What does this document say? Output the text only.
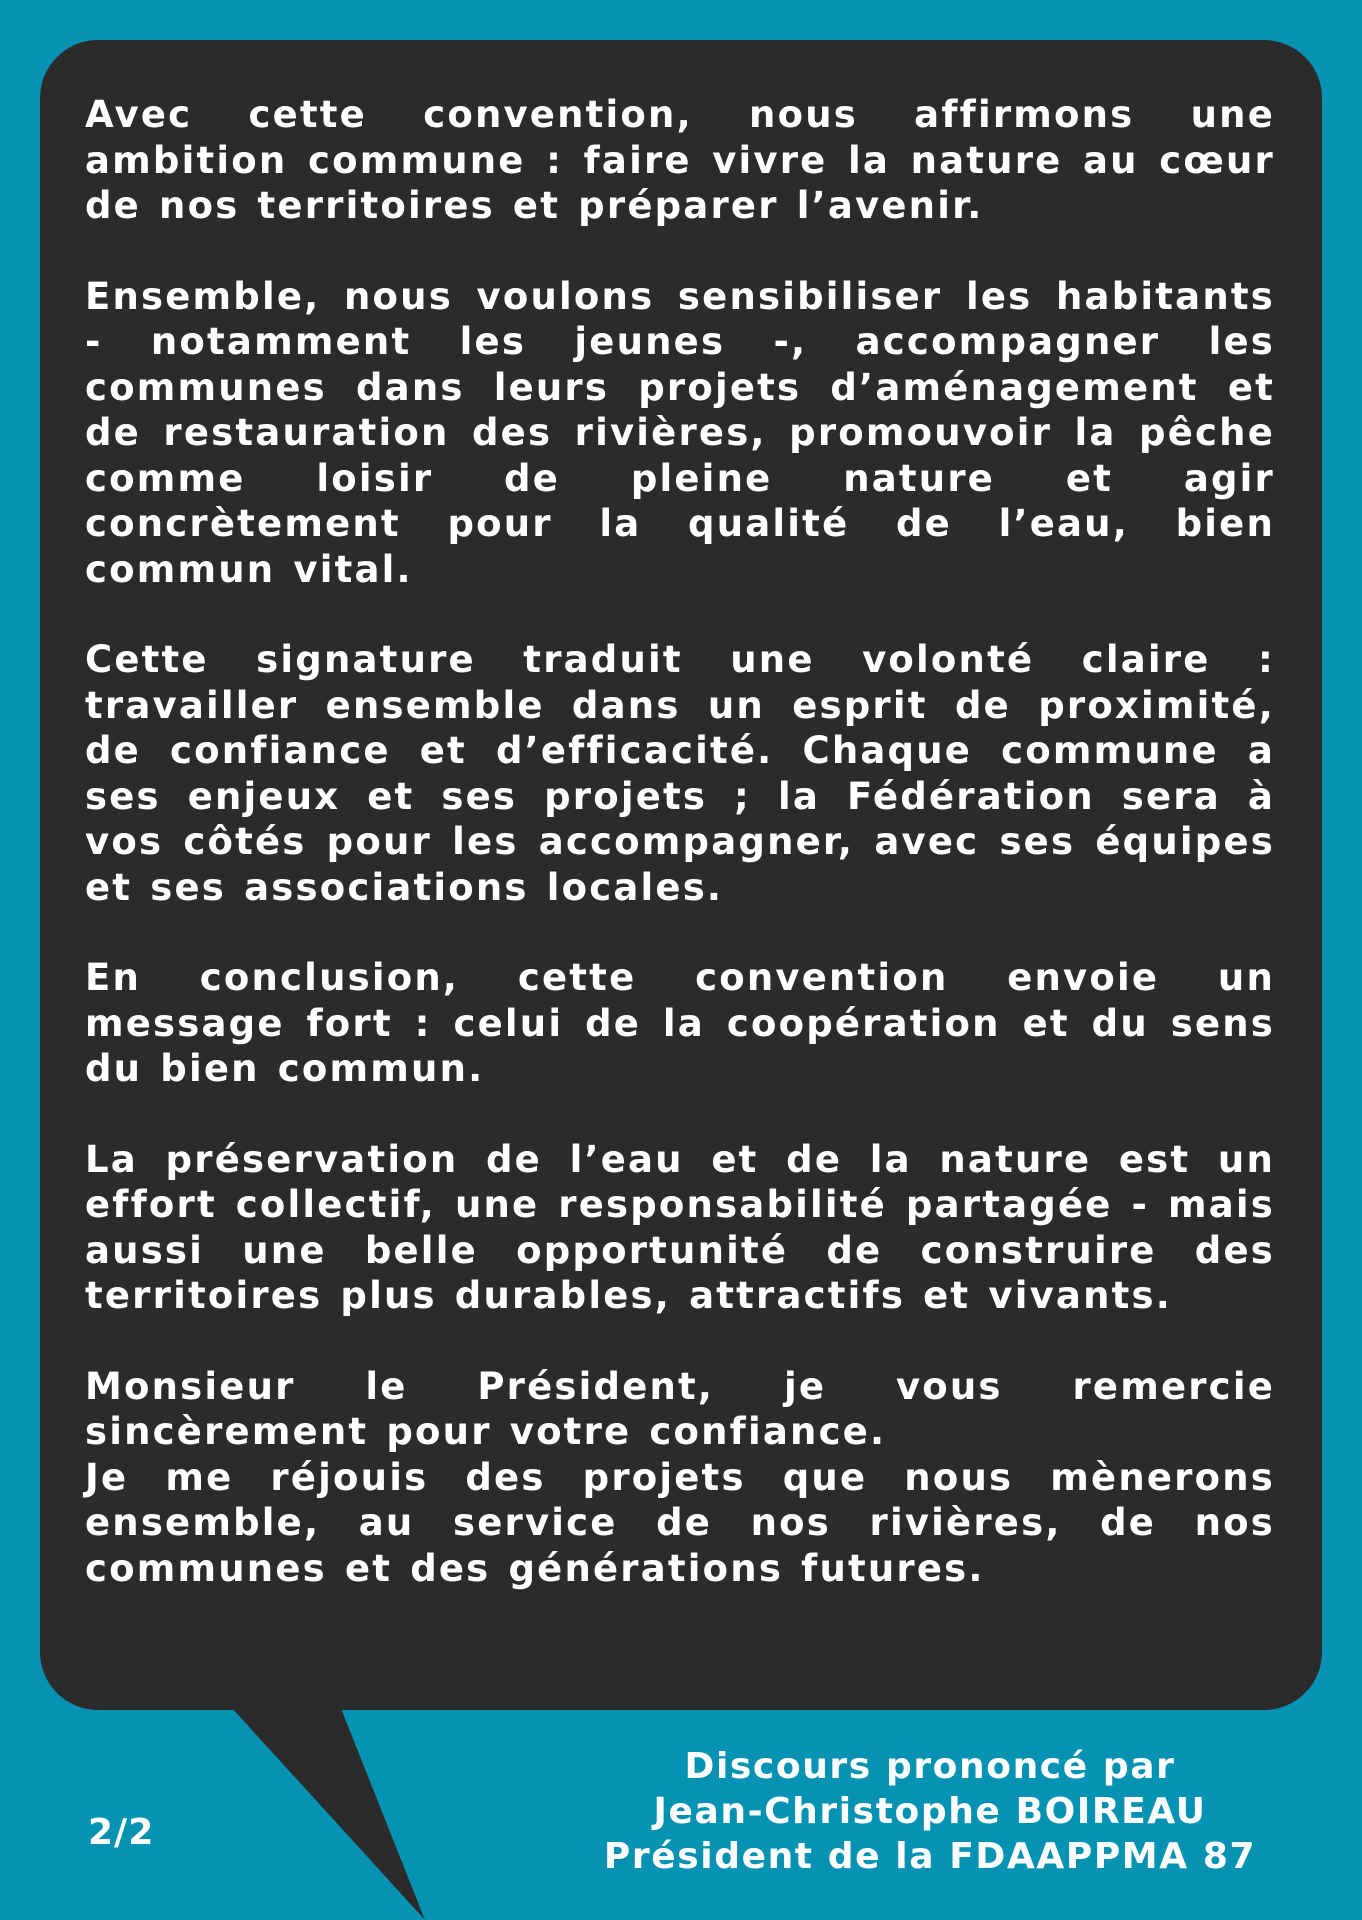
Avec cette convention, nous affirmons une ambition commune : faire vivre la nature au cœur de nos territoires et préparer l’avenir.

Ensemble, nous voulons sensibiliser les habitants - notamment les jeunes -, accompagner les communes dans leurs projets d’aménagement et de restauration des rivières, promouvoir la pêche comme loisir de pleine nature et agir concrètement pour la qualité de l’eau, bien commun vital.

Cette signature traduit une volonté claire : travailler ensemble dans un esprit de proximité, de confiance et d’efficacité. Chaque commune a ses enjeux et ses projets ; la Fédération sera à vos côtés pour les accompagner, avec ses équipes et ses associations locales.

En conclusion, cette convention envoie un message fort : celui de la coopération et du sens du bien commun.

La préservation de l’eau et de la nature est un effort collectif, une responsabilité partagée - mais aussi une belle opportunité de construire des territoires plus durables, attractifs et vivants.

Monsieur le Président, je vous remercie sincèrement pour votre confiance.

Je me réjouis des projets que nous mènerons ensemble, au service de nos rivières, de nos communes et des générations futures.

2/2
Discours prononcé par
Jean-Christophe BOIREAU
Président de la FDAAPPMA 87
